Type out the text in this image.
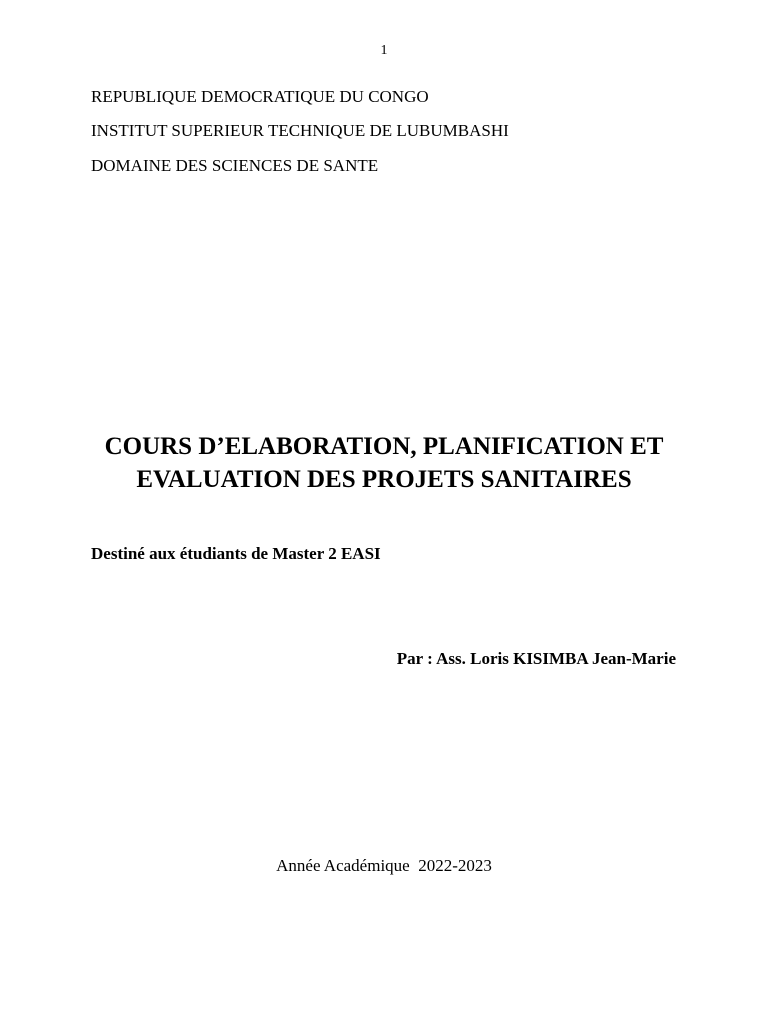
1
REPUBLIQUE DEMOCRATIQUE DU CONGO
INSTITUT SUPERIEUR TECHNIQUE DE LUBUMBASHI
DOMAINE DES SCIENCES DE SANTE
COURS D’ELABORATION, PLANIFICATION ET
EVALUATION DES PROJETS SANITAIRES
Destiné aux étudiants de Master 2 EASI
Par : Ass. Loris KISIMBA Jean-Marie
Année Académique  2022-2023
